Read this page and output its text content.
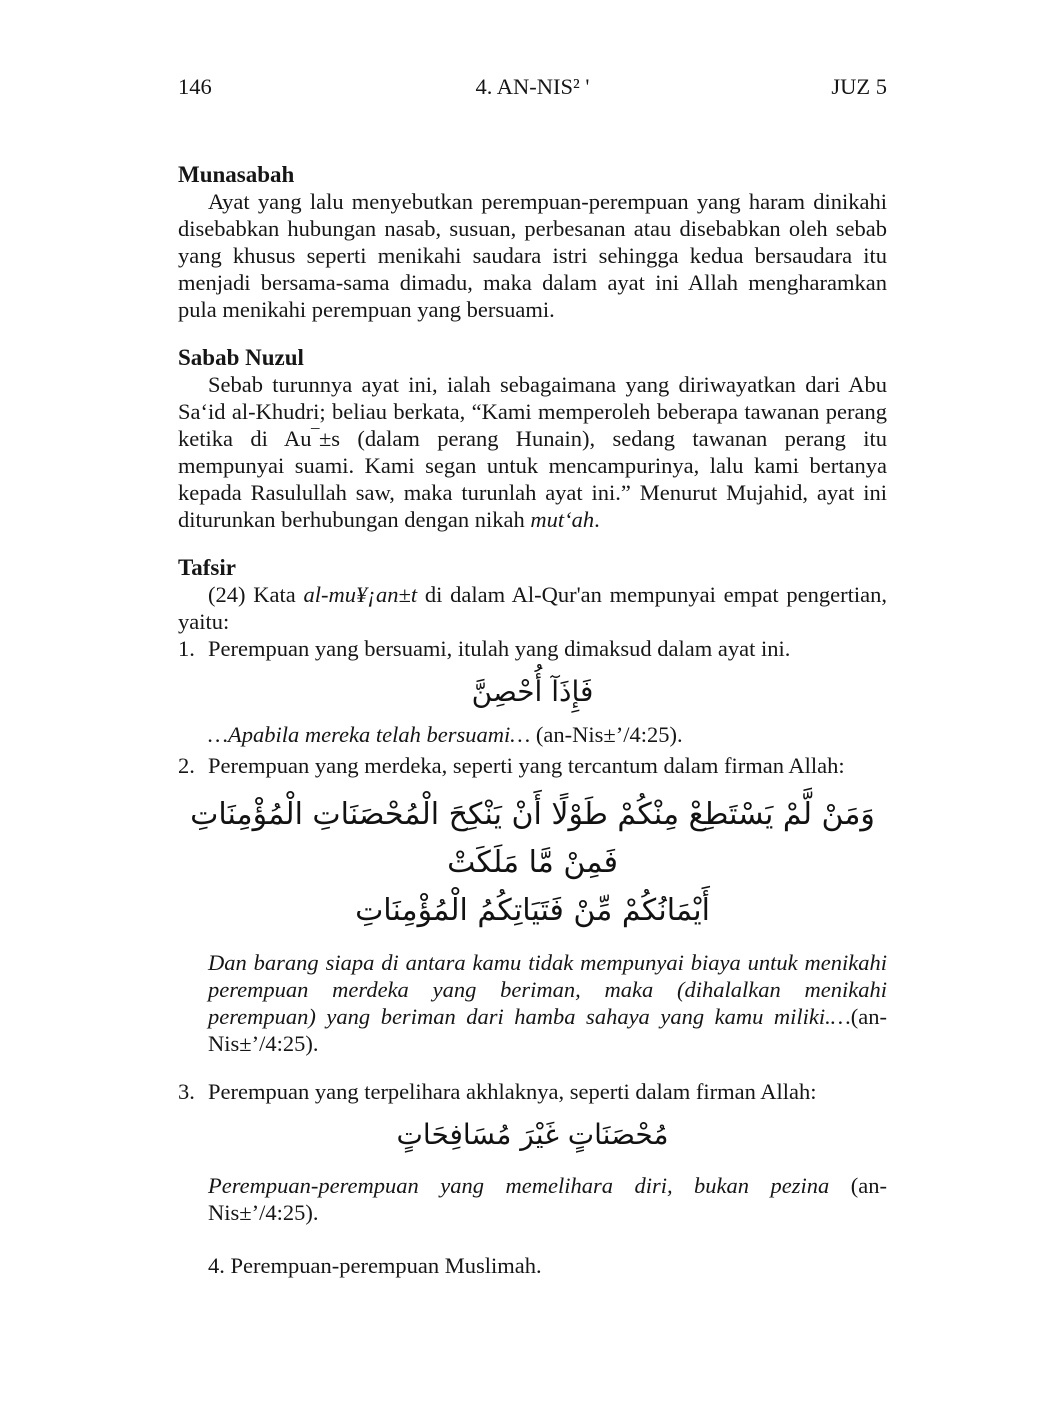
146	4. AN-NIS² '	JUZ 5
Munasabah

Ayat yang lalu menyebutkan perempuan-perempuan yang haram dinikahi disebabkan hubungan nasab, susuan, perbesanan atau disebabkan oleh sebab yang khusus seperti menikahi saudara istri sehingga kedua bersaudara itu menjadi bersama-sama dimadu, maka dalam ayat ini Allah mengharamkan pula menikahi perempuan yang bersuami.

Sabab Nuzul

Sebab turunnya ayat ini, ialah sebagaimana yang diriwayatkan dari Abu Sa‘id al-Khudri; beliau berkata, “Kami memperoleh beberapa tawanan perang ketika di Au‾±s (dalam perang Hunain), sedang tawanan perang itu mempunyai suami. Kami segan untuk mencampurinya, lalu kami bertanya kepada Rasulullah saw, maka turunlah ayat ini.” Menurut Mujahid, ayat ini diturunkan berhubungan dengan nikah mut‘ah.

Tafsir

(24) Kata al-mu¥¡an±t di dalam Al-Qur'an mempunyai empat pengertian, yaitu:

1. Perempuan yang bersuami, itulah yang dimaksud dalam ayat ini.
فَإِذَآ أُحْصِنَّ

…Apabila mereka telah bersuami… (an-Nis±’/4:25).

2. Perempuan yang merdeka, seperti yang tercantum dalam firman Allah:
وَمَنْ لَّمْ يَسْتَطِعْ مِنْكُمْ طَوْلًا أَنْ يَنْكِحَ الْمُحْصَنَاتِ الْمُؤْمِنَاتِ فَمِنْ مَّا مَلَكَتْ
أَيْمَانُكُمْ مِّنْ فَتَيَاتِكُمُ الْمُؤْمِنَاتِ

Dan barang siapa di antara kamu tidak mempunyai biaya untuk menikahi perempuan merdeka yang beriman, maka (dihalalkan menikahi perempuan) yang beriman dari hamba sahaya yang kamu miliki.…(an-Nis±’/4:25).

3. Perempuan yang terpelihara akhlaknya, seperti dalam firman Allah:
مُحْصَنَاتٍ غَيْرَ مُسَافِحَاتٍ

Perempuan-perempuan yang memelihara diri, bukan pezina (an-Nis±’/4:25).

4. Perempuan-perempuan Muslimah.
